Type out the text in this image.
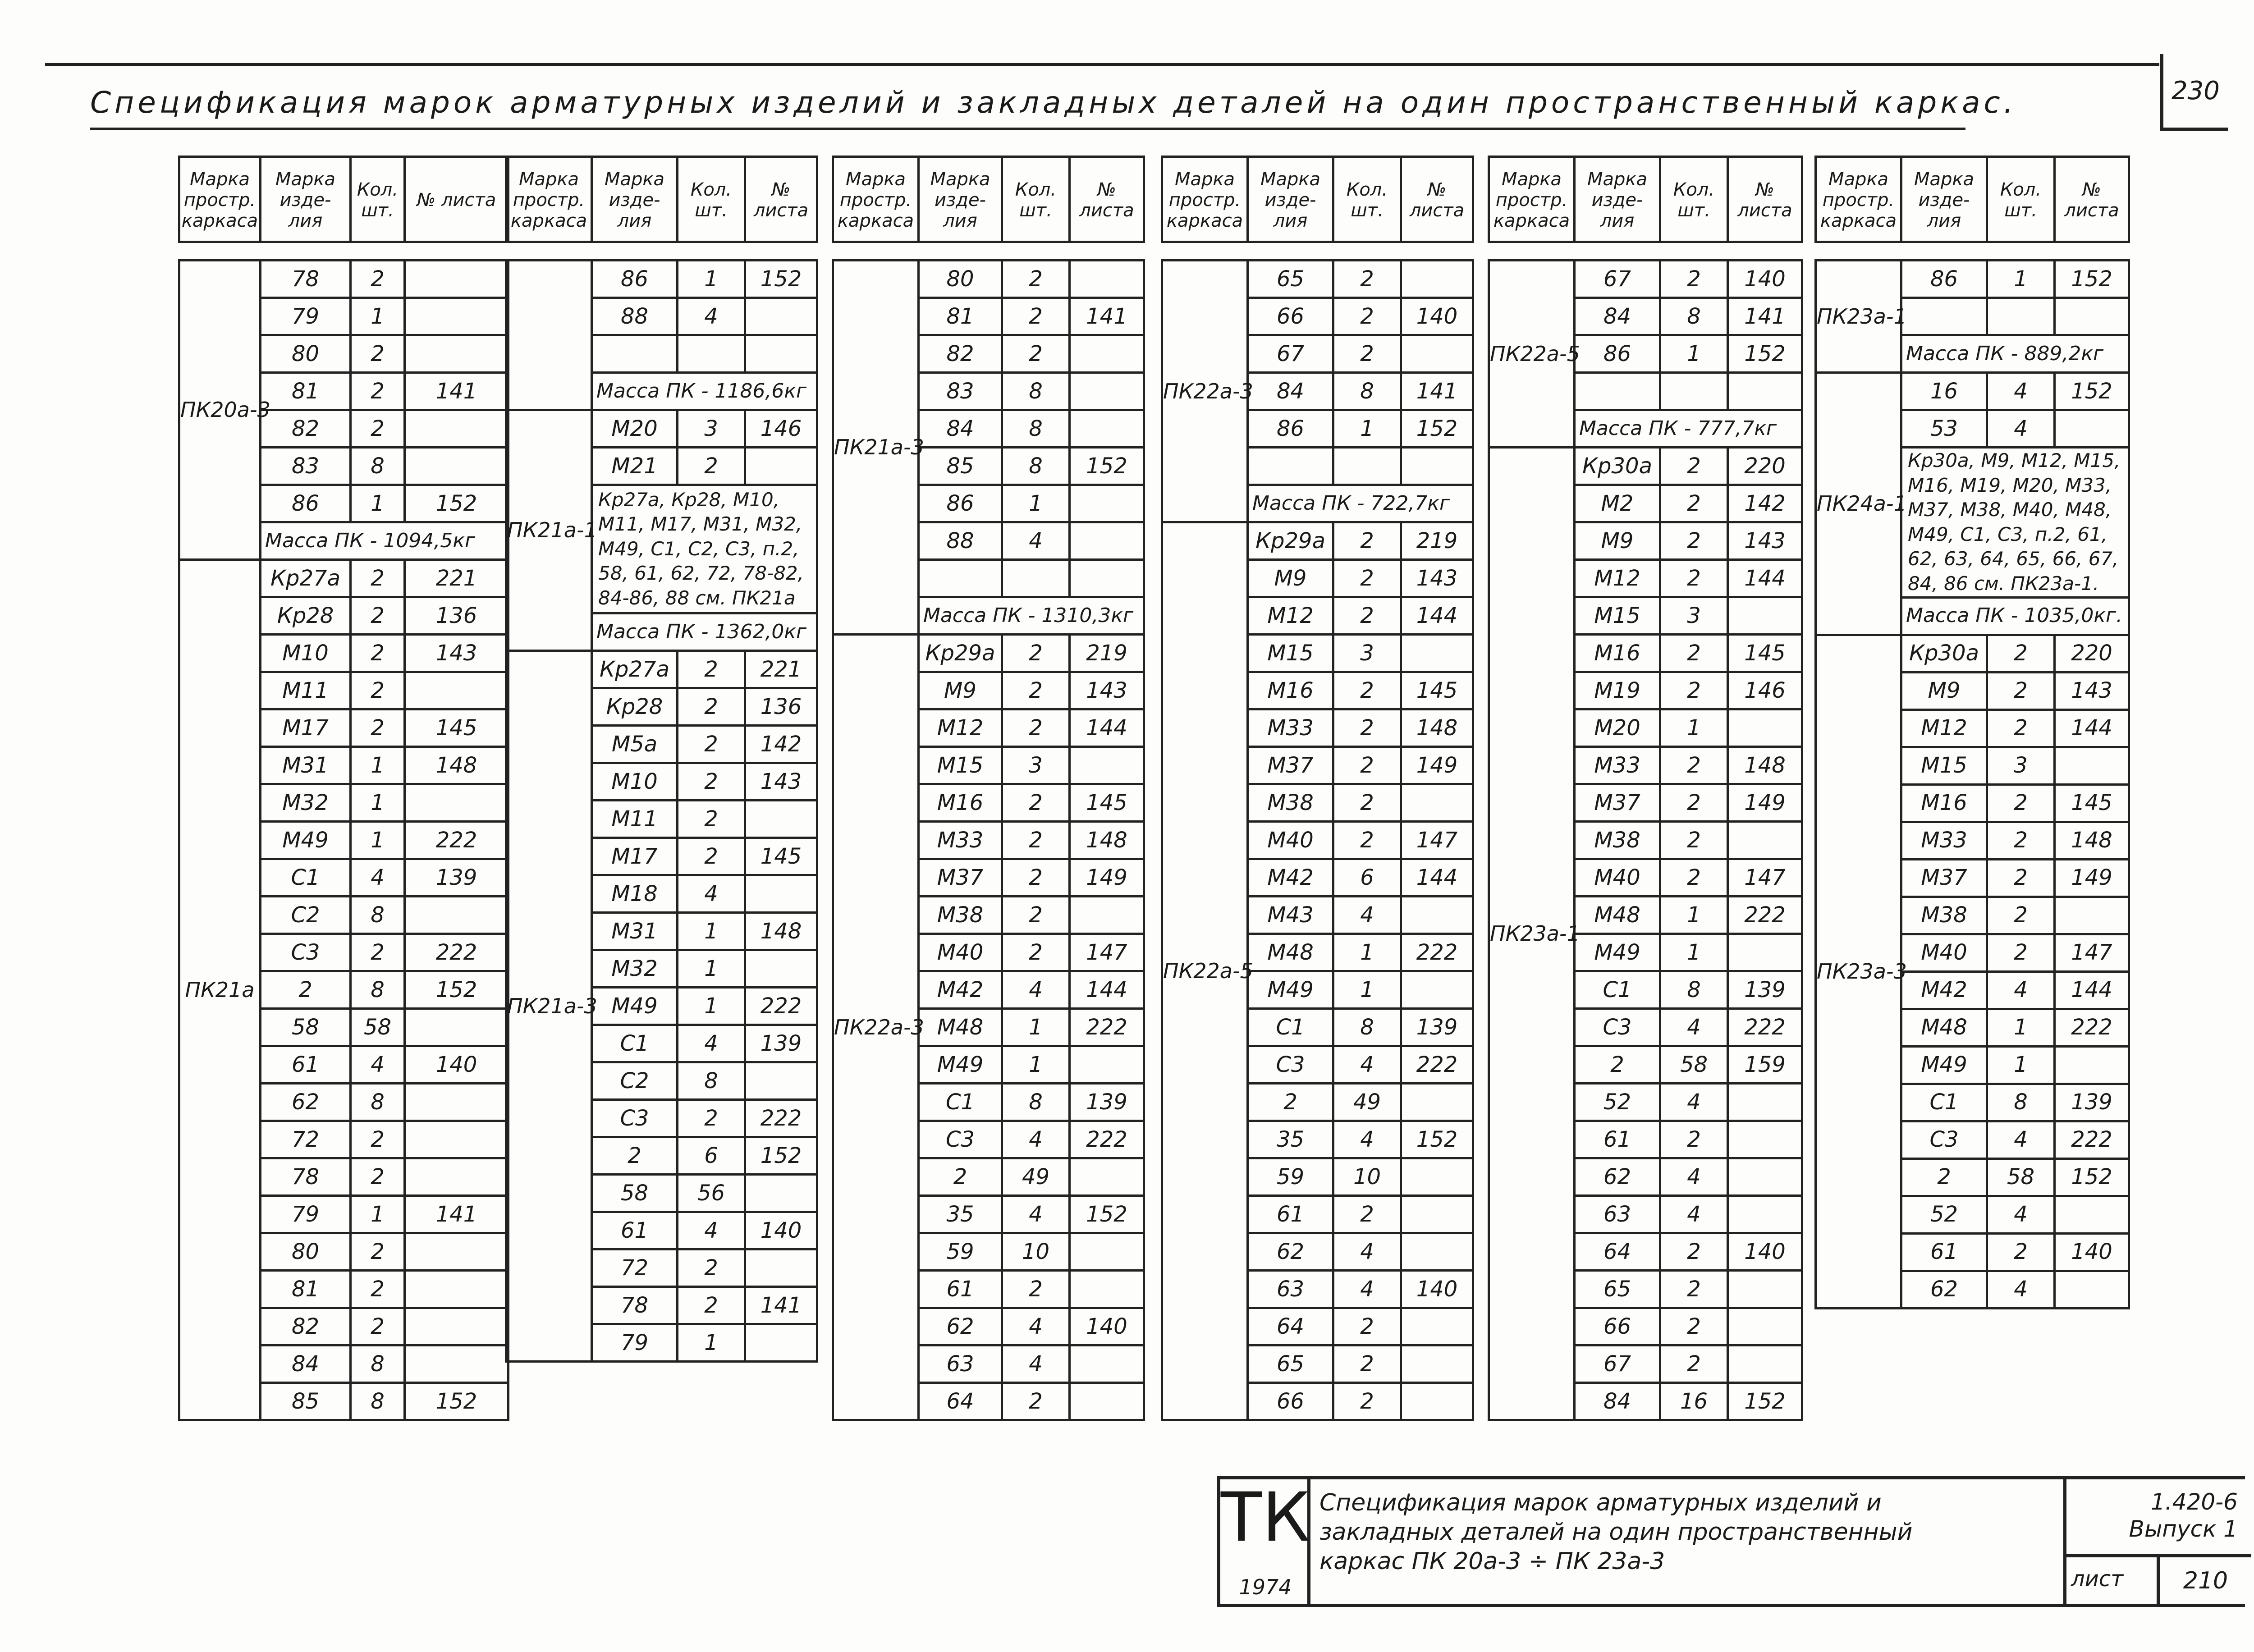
230
Спецификация марок арматурных изделий и закладных деталей на один пространственный каркас.
Марка простр. каркаса	Марка изде- лия	Кол. шт.	№ листа

ПК20а-3	78	2	
	79	1	
	80	2	
	81	2	141
	82	2	
	83	8	
	86	1	152
	Масса ПК - 1094,5кг		
ПК21а	Кр27а	2	221
	Кр28	2	136
	М10	2	143
	М11	2	
	М17	2	145
	М31	1	148
	М32	1	
	М49	1	222
	С1	4	139
	С2	8	
	С3	2	222
	2	8	152
	58	58	
	61	4	140
	62	8	
	72	2	
	78	2	
	79	1	141
	80	2	
	81	2	
	82	2	
	84	8	
	85	8	152
Марка простр. каркаса	Марка изде- лия	Кол. шт.	№ листа

	86	1	152
	88	4	

	Масса ПК - 1186,6кг		
ПК21а-1	М20	3	146
	М21	2	
	Кр27а, Кр28, М10, М11, М17, М31, М32, М49, С1, С2, С3, п.2, 58, 61, 62, 72, 78-82, 84-86, 88 см. ПК21а		
	Масса ПК - 1362,0кг		
ПК21а-3	Кр27а	2	221
	Кр28	2	136
	М5а	2	142
	М10	2	143
	М11	2	
	М17	2	145
	М18	4	
	М31	1	148
	М32	1	
	М49	1	222
	С1	4	139
	С2	8	
	С3	2	222
	2	6	152
	58	56	
	61	4	140
	72	2	
	78	2	141
	79	1	
Марка простр. каркаса	Марка изде- лия	Кол. шт.	№ листа

ПК21а-3	80	2	
	81	2	141
	82	2	
	83	8	
	84	8	
	85	8	152
	86	1	
	88	4	

	Масса ПК - 1310,3кг		
ПК22а-3	Кр29а	2	219
	М9	2	143
	М12	2	144
	М15	3	
	М16	2	145
	М33	2	148
	М37	2	149
	М38	2	
	М40	2	147
	М42	4	144
	М48	1	222
	М49	1	
	С1	8	139
	С3	4	222
	2	49	
	35	4	152
	59	10	
	61	2	
	62	4	140
	63	4	
	64	2	
Марка простр. каркаса	Марка изде- лия	Кол. шт.	№ листа

ПК22а-3	65	2	
	66	2	140
	67	2	
	84	8	141
	86	1	152

	Масса ПК - 722,7кг		
ПК22а-5	Кр29а	2	219
	М9	2	143
	М12	2	144
	М15	3	
	М16	2	145
	М33	2	148
	М37	2	149
	М38	2	
	М40	2	147
	М42	6	144
	М43	4	
	М48	1	222
	М49	1	
	С1	8	139
	С3	4	222
	2	49	
	35	4	152
	59	10	
	61	2	
	62	4	
	63	4	140
	64	2	
	65	2	
	66	2	
Марка простр. каркаса	Марка изде- лия	Кол. шт.	№ листа

ПК22а-5	67	2	140
	84	8	141
	86	1	152

	Масса ПК - 777,7кг		
ПК23а-1	Кр30а	2	220
	М2	2	142
	М9	2	143
	М12	2	144
	М15	3	
	М16	2	145
	М19	2	146
	М20	1	
	М33	2	148
	М37	2	149
	М38	2	
	М40	2	147
	М48	1	222
	М49	1	
	С1	8	139
	С3	4	222
	2	58	159
	52	4	
	61	2	
	62	4	
	63	4	
	64	2	140
	65	2	
	66	2	
	67	2	
	84	16	152
Марка простр. каркаса	Марка изде- лия	Кол. шт.	№ листа

ПК23а-1	86	1	152

	Масса ПК - 889,2кг		
ПК24а-1	16	4	152
	53	4	
	Кр30а, М9, М12, М15, М16, М19, М20, М33, М37, М38, М40, М48, М49, С1, С3, п.2, 61, 62, 63, 64, 65, 66, 67, 84, 86 см. ПК23а-1.		
	Масса ПК - 1035,0кг.		
ПК23а-3	Кр30а	2	220
	М9	2	143
	М12	2	144
	М15	3	
	М16	2	145
	М33	2	148
	М37	2	149
	М38	2	
	М40	2	147
	М42	4	144
	М48	1	222
	М49	1	
	С1	8	139
	С3	4	222
	2	58	152
	52	4	
	61	2	140
	62	4	
ТК
1974
Спецификация марок арматурных изделий и закладных деталей на один пространственный каркас ПК 20а-3 ÷ ПК 23а-3
1.420-6
Выпуск 1
лист	210
